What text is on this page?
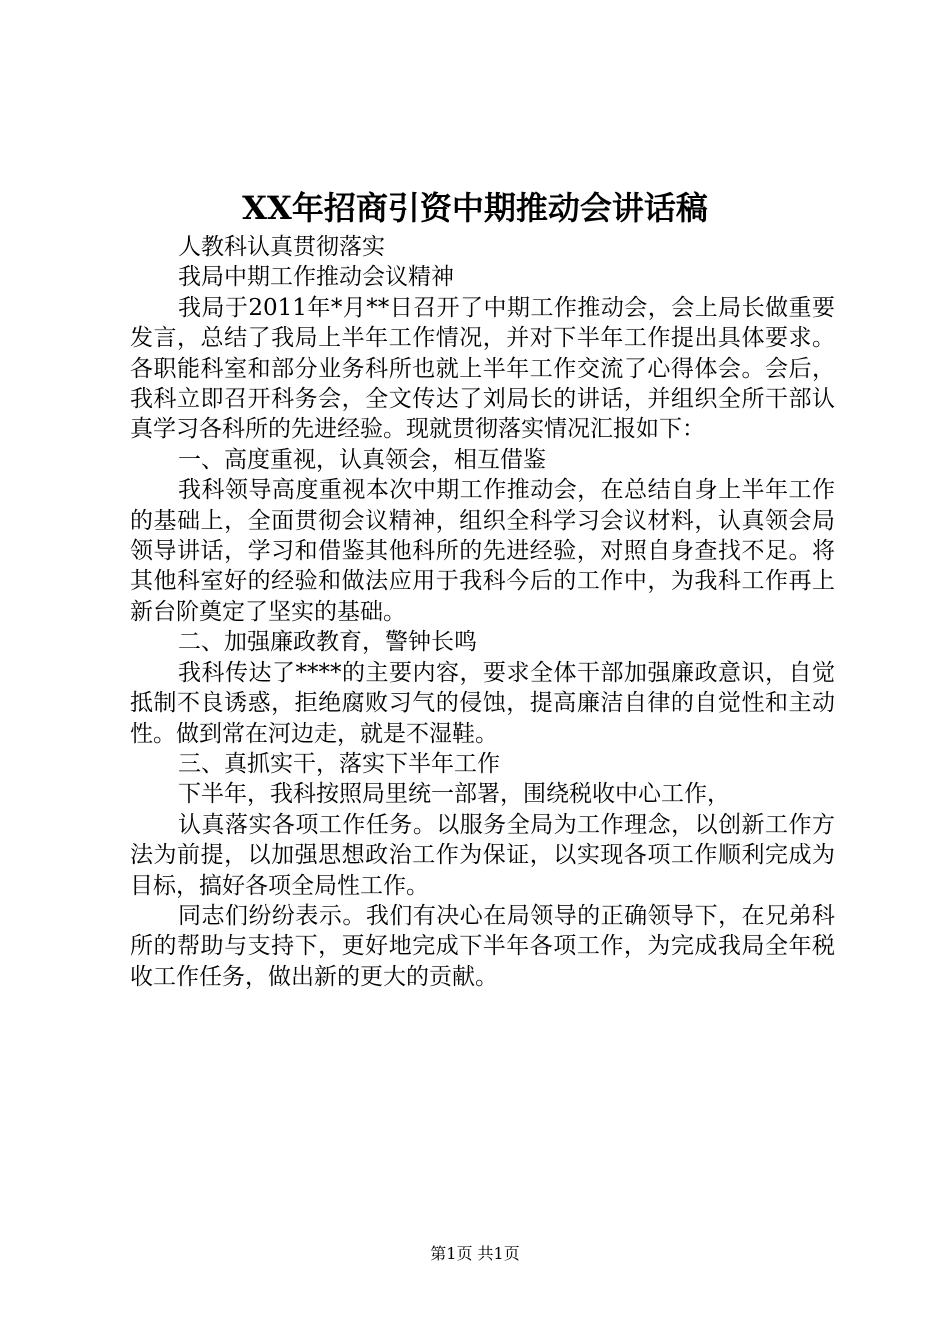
XX年招商引资中期推动会讲话稿

人教科认真贯彻落实

我局中期工作推动会议精神

我局于2011年*月**日召开了中期工作推动会，会上局长做重要发言，总结了我局上半年工作情况，并对下半年工作提出具体要求。各职能科室和部分业务科所也就上半年工作交流了心得体会。会后，我科立即召开科务会，全文传达了刘局长的讲话，并组织全所干部认真学习各科所的先进经验。现就贯彻落实情况汇报如下：

一、高度重视，认真领会，相互借鉴

我科领导高度重视本次中期工作推动会，在总结自身上半年工作的基础上，全面贯彻会议精神，组织全科学习会议材料，认真领会局领导讲话，学习和借鉴其他科所的先进经验，对照自身查找不足。将其他科室好的经验和做法应用于我科今后的工作中，为我科工作再上新台阶奠定了坚实的基础。

二、加强廉政教育，警钟长鸣

我科传达了****的主要内容，要求全体干部加强廉政意识，自觉抵制不良诱惑，拒绝腐败习气的侵蚀，提高廉洁自律的自觉性和主动性。做到常在河边走，就是不湿鞋。

三、真抓实干，落实下半年工作

下半年，我科按照局里统一部署，围绕税收中心工作，

认真落实各项工作任务。以服务全局为工作理念，以创新工作方法为前提，以加强思想政治工作为保证，以实现各项工作顺利完成为目标，搞好各项全局性工作。

同志们纷纷表示。我们有决心在局领导的正确领导下，在兄弟科所的帮助与支持下，更好地完成下半年各项工作，为完成我局全年税收工作任务，做出新的更大的贡献。

第1页 共1页
